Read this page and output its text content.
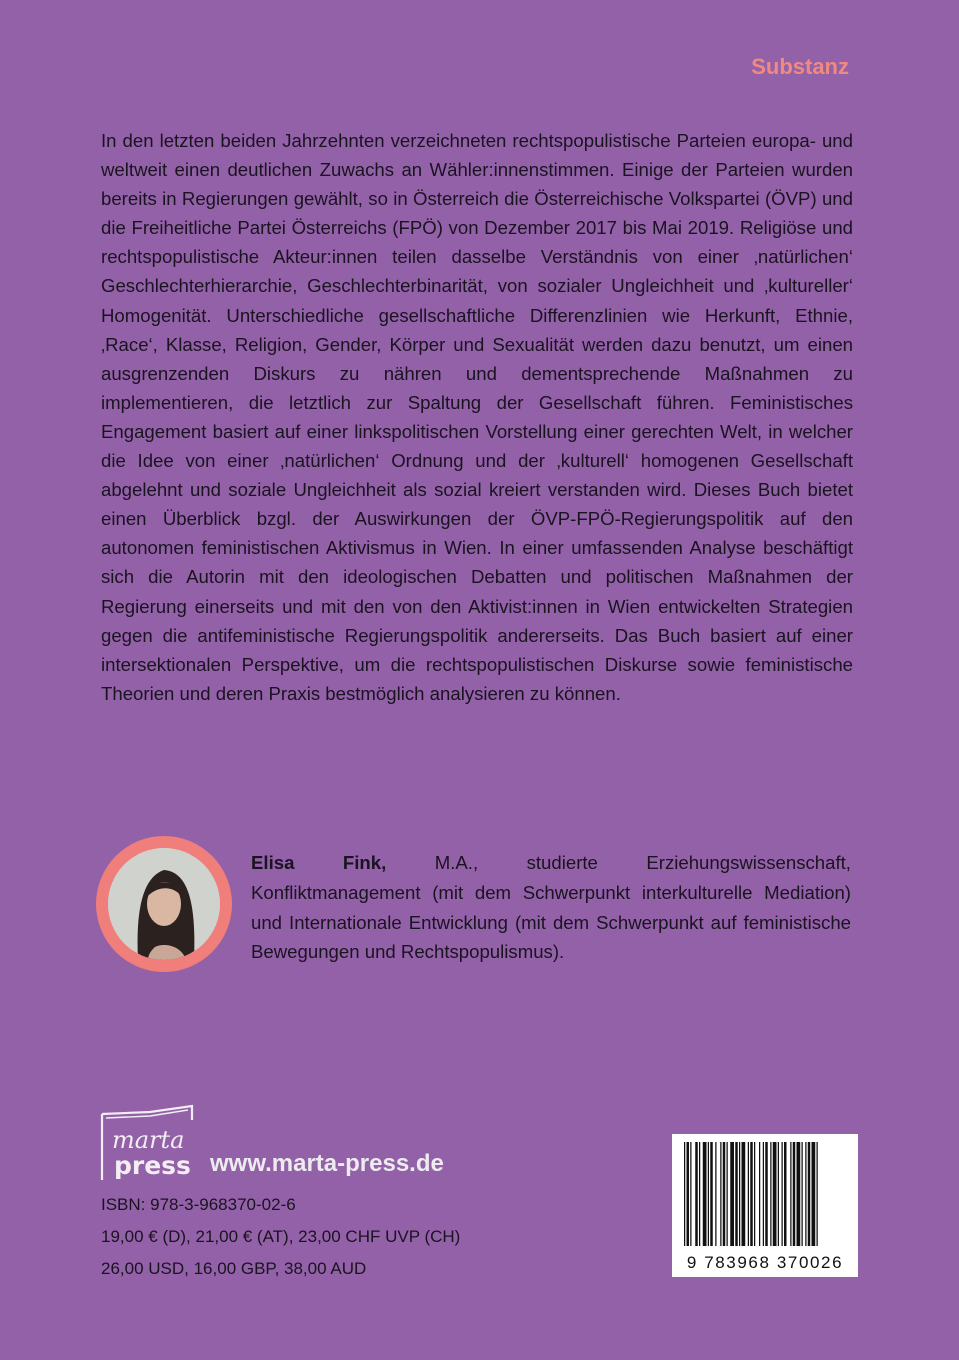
Substanz

In den letzten beiden Jahrzehnten verzeichneten rechtspopulistische Parteien europa- und weltweit einen deutlichen Zuwachs an Wähler:innenstimmen. Einige der Parteien wurden bereits in Regierungen gewählt, so in Österreich die Österreichische Volkspartei (ÖVP) und die Freiheitliche Partei Österreichs (FPÖ) von Dezember 2017 bis Mai 2019. Religiöse und rechtspopulistische Akteur:innen teilen dasselbe Verständnis von einer ‚natürlichen‘ Geschlechterhierarchie, Geschlechterbinarität, von sozialer Ungleichheit und ‚kultureller‘ Homogenität. Unterschiedliche gesellschaftliche Differenzlinien wie Herkunft, Ethnie, ‚Race‘, Klasse, Religion, Gender, Körper und Sexualität werden dazu benutzt, um einen ausgrenzenden Diskurs zu nähren und dementsprechende Maßnahmen zu implementieren, die letztlich zur Spaltung der Gesellschaft führen. Feministisches Engagement basiert auf einer linkspolitischen Vorstellung einer gerechten Welt, in welcher die Idee von einer ‚natürlichen‘ Ordnung und der ‚kulturell‘ homogenen Gesellschaft abgelehnt und soziale Ungleichheit als sozial kreiert verstanden wird. Dieses Buch bietet einen Überblick bzgl. der Auswirkungen der ÖVP-FPÖ-Regierungspolitik auf den autonomen feministischen Aktivismus in Wien. In einer umfassenden Analyse beschäftigt sich die Autorin mit den ideologischen Debatten und politischen Maßnahmen der Regierung einerseits und mit den von den Aktivist:innen in Wien entwickelten Strategien gegen die antifeministische Regierungspolitik andererseits. Das Buch basiert auf einer intersektionalen Perspektive, um die rechtspopulistischen Diskurse sowie feministische Theorien und deren Praxis bestmöglich analysieren zu können.

Elisa Fink, M.A., studierte Erziehungswissenschaft, Konfliktmanagement (mit dem Schwerpunkt interkulturelle Mediation) und Internationale Entwicklung (mit dem Schwerpunkt auf feministische Bewegungen und Rechtspopulismus).

marta
press www.marta-press.de
ISBN: 978-3-968370-02-6
19,00 € (D), 21,00 € (AT), 23,00 CHF UVP (CH)
26,00 USD, 16,00 GBP, 38,00 AUD	9 783968 370026
